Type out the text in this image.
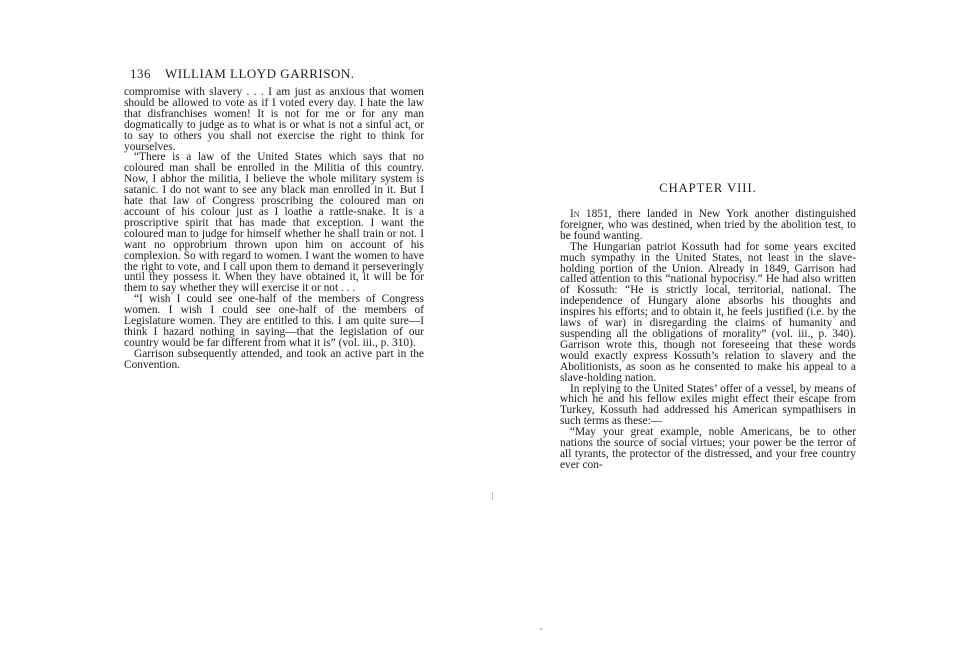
136 WILLIAM LLOYD GARRISON.

compromise with slavery . . . I am just as anxious that women should be allowed to vote as if I voted every day. I hate the law that disfranchises women! It is not for me or for any man dogmatically to judge as to what is or what is not a sinful act, or to say to others you shall not exercise the right to think for yourselves.

“There is a law of the United States which says that no coloured man shall be enrolled in the Militia of this country. Now, I abhor the militia, I believe the whole military system is satanic. I do not want to see any black man enrolled in it. But I hate that law of Congress proscribing the coloured man on account of his colour just as I loathe a rattle-snake. It is a proscriptive spirit that has made that exception. I want the coloured man to judge for himself whether he shall train or not. I want no opprobrium thrown upon him on account of his complexion. So with regard to women. I want the women to have the right to vote, and I call upon them to demand it perseveringly until they possess it. When they have obtained it, it will be for them to say whether they will exercise it or not . . .

“I wish I could see one-half of the members of Congress women. I wish I could see one-half of the members of Legislature women. They are entitled to this. I am quite sure—I think I hazard nothing in saying—that the legislation of our country would be far different from what it is” (vol. iii., p. 310).

Garrison subsequently attended, and took an active part in the Convention.

CHAPTER VIII.

In 1851, there landed in New York another distinguished foreigner, who was destined, when tried by the abolition test, to be found wanting.

The Hungarian patriot Kossuth had for some years excited much sympathy in the United States, not least in the slave-holding portion of the Union. Already in 1849, Garrison had called attention to this “national hypocrisy.” He had also written of Kossuth: “He is strictly local, territorial, national. The independence of Hungary alone absorbs his thoughts and inspires his efforts; and to obtain it, he feels justified (i.e. by the laws of war) in disregarding the claims of humanity and suspending all the obligations of morality” (vol. iii., p. 340). Garrison wrote this, though not foreseeing that these words would exactly express Kossuth’s relation to slavery and the Abolitionists, as soon as he consented to make his appeal to a slave-holding nation.

In replying to the United States’ offer of a vessel, by means of which he and his fellow exiles might effect their escape from Turkey, Kossuth had addressed his American sympathisers in such terms as these:—

“May your great example, noble Americans, be to other nations the source of social virtues; your power be the terror of all tyrants, the protector of the distressed, and your free country ever con-
